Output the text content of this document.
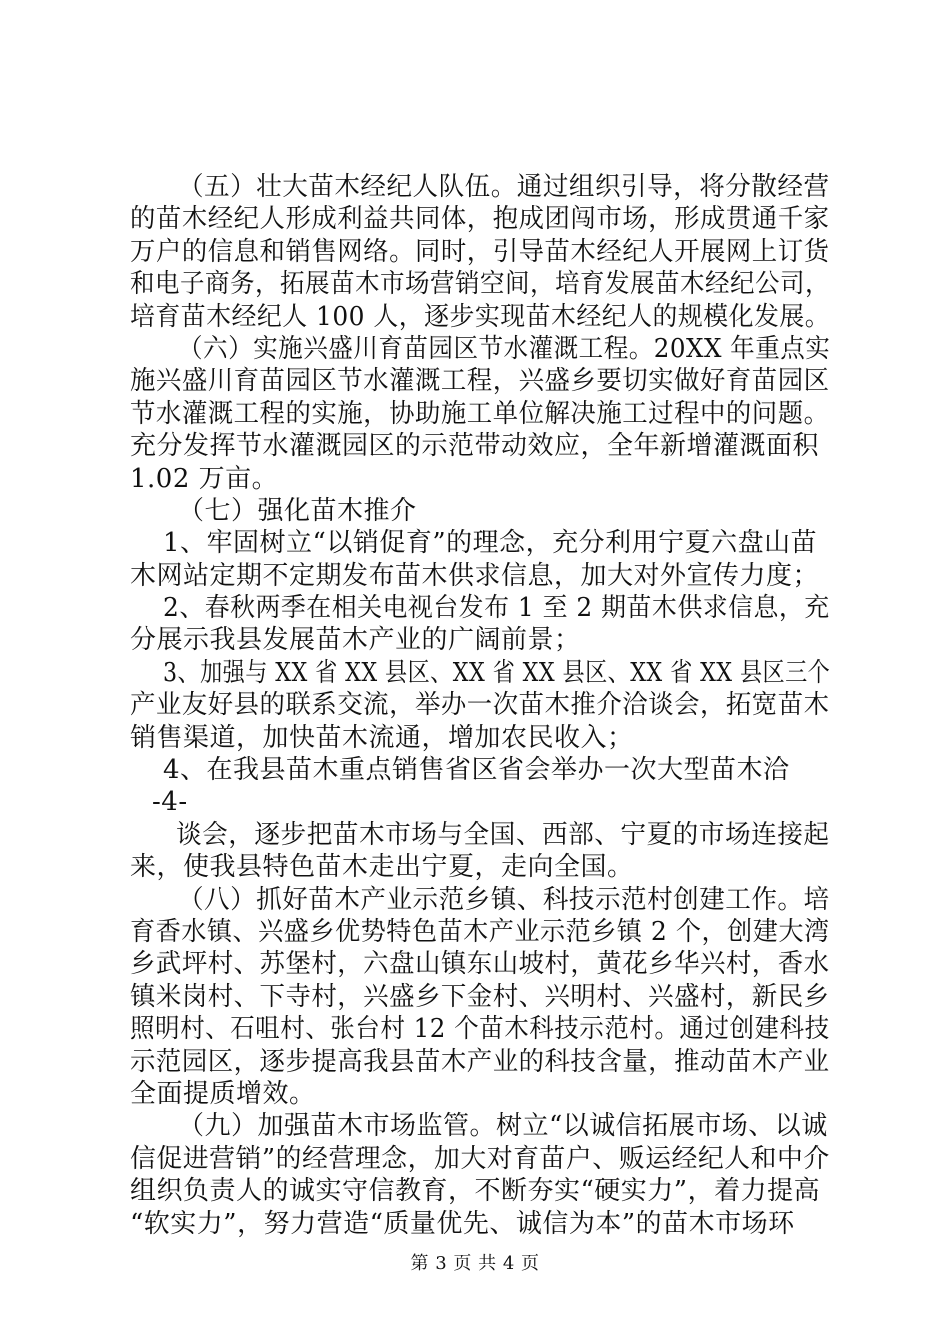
（五）壮大苗木经纪人队伍。通过组织引导，将分散经营
的苗木经纪人形成利益共同体，抱成团闯市场，形成贯通千家
万户的信息和销售网络。同时，引导苗木经纪人开展网上订货
和电子商务，拓展苗木市场营销空间，培育发展苗木经纪公司，
培育苗木经纪人 100 人，逐步实现苗木经纪人的规模化发展。
（六）实施兴盛川育苗园区节水灌溉工程。20XX 年重点实
施兴盛川育苗园区节水灌溉工程，兴盛乡要切实做好育苗园区
节水灌溉工程的实施，协助施工单位解决施工过程中的问题。
充分发挥节水灌溉园区的示范带动效应，全年新增灌溉面积
1.02 万亩。
（七）强化苗木推介
1、牢固树立“以销促育”的理念，充分利用宁夏六盘山苗
木网站定期不定期发布苗木供求信息，加大对外宣传力度；
2、春秋两季在相关电视台发布 1 至 2 期苗木供求信息，充
分展示我县发展苗木产业的广阔前景；
3、加强与 XX 省 XX 县区、XX 省 XX 县区、XX 省 XX 县区三个
产业友好县的联系交流，举办一次苗木推介洽谈会，拓宽苗木
销售渠道，加快苗木流通，增加农民收入；
4、在我县苗木重点销售省区省会举办一次大型苗木洽
-4-
谈会，逐步把苗木市场与全国、西部、宁夏的市场连接起
来，使我县特色苗木走出宁夏，走向全国。
（八）抓好苗木产业示范乡镇、科技示范村创建工作。培
育香水镇、兴盛乡优势特色苗木产业示范乡镇 2 个，创建大湾
乡武坪村、苏堡村，六盘山镇东山坡村，黄花乡华兴村，香水
镇米岗村、下寺村，兴盛乡下金村、兴明村、兴盛村，新民乡
照明村、石咀村、张台村 12 个苗木科技示范村。通过创建科技
示范园区，逐步提高我县苗木产业的科技含量，推动苗木产业
全面提质增效。
（九）加强苗木市场监管。树立“以诚信拓展市场、以诚
信促进营销”的经营理念，加大对育苗户、贩运经纪人和中介
组织负责人的诚实守信教育，不断夯实“硬实力”，着力提高
“软实力”，努力营造“质量优先、诚信为本”的苗木市场环
第 3 页 共 4 页
